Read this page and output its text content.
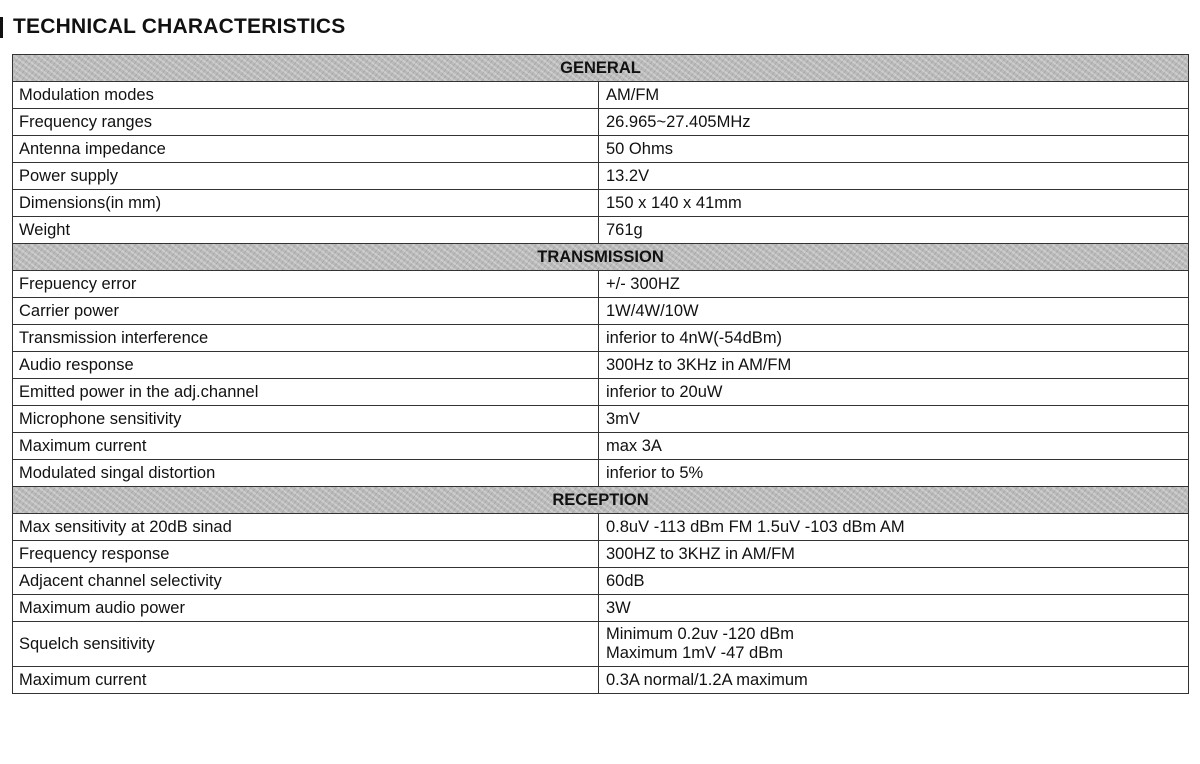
TECHNICAL CHARACTERISTICS
GENERAL	
Modulation modes	AM/FM

Frequency ranges	26.965~27.405MHz

Antenna impedance	50 Ohms

Power supply	13.2V

Dimensions(in mm)	150 x 140 x 41mm

Weight	761g

TRANSMISSION	
Frepuency error	+/- 300HZ

Carrier power	1W/4W/10W

Transmission interference	inferior to 4nW(-54dBm)

Audio response	300Hz to 3KHz in AM/FM

Emitted power in the adj.channel	inferior to 20uW

Microphone sensitivity	3mV

Maximum current	max 3A

Modulated singal distortion	inferior to 5%

RECEPTION	
Max sensitivity at 20dB sinad	0.8uV -113 dBm FM 1.5uV -103 dBm AM

Frequency response	300HZ to 3KHZ in AM/FM

Adjacent channel selectivity	60dB

Maximum audio power	3W

Squelch sensitivity	Minimum 0.2uv -120 dBm
Maximum 1mV -47 dBm

Maximum current	0.3A normal/1.2A maximum
